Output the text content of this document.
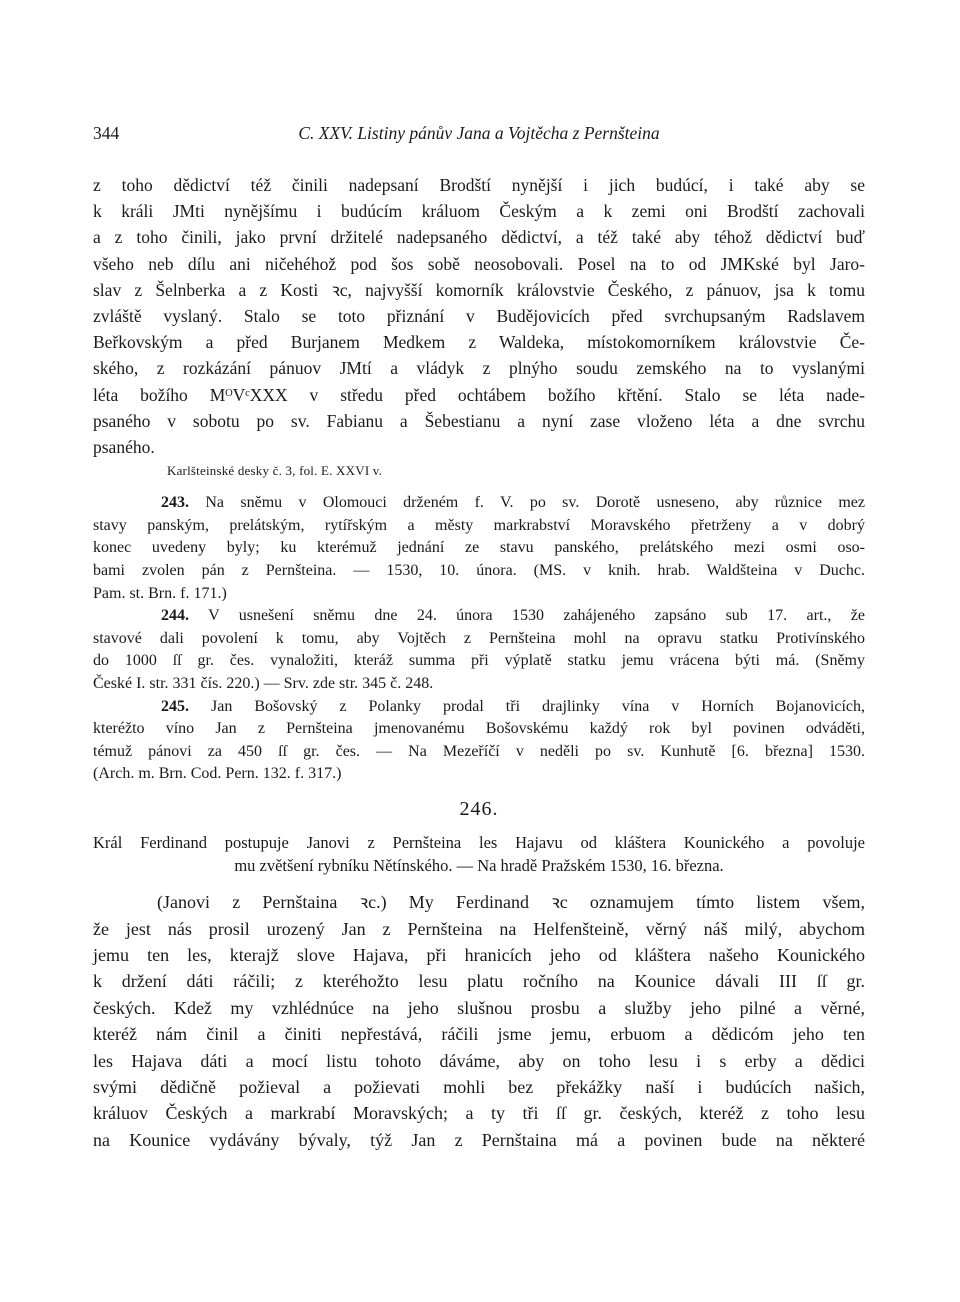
344	C. XXV. Listiny pánův Jana a Vojtěcha z Pernšteina

z toho dědictví též činili nadepsaní Brodští nynější i jich budúcí, i také aby se
k králi JMti nynějšímu i budúcím králuom Českým a k zemi oni Brodští zachovali
a z toho činili, jako první držitelé nadepsaného dědictví, a též také aby téhož dědictví buď
všeho neb dílu ani ničehéhož pod šos sobě neosobovali. Posel na to od JMKské byl Jaro-
slav z Šelnberka a z Kosti ꝛc, najvyšší komorník královstvie Českého, z pánuov, jsa k tomu
zvláště vyslaný. Stalo se toto přiznání v Budějovicích před svrchupsaným Radslavem
Beřkovským a před Burjanem Medkem z Waldeka, místokomorníkem královstvie Če-
ského, z rozkázání pánuov JMtí a vládyk z plnýho soudu zemského na to vyslanými
léta božího MᴼVᶜXXX v středu před ochtábem božího křtění. Stalo se léta nade-
psaného v sobotu po sv. Fabianu a Šebestianu a nyní zase vloženo léta a dne svrchu
psaného.

Karlšteinské desky č. 3, fol. E. XXVI v.
243. Na sněmu v Olomouci drženém f. V. po sv. Dorotě usneseno, aby různice mez
stavy panským, prelátským, rytířským a městy markrabství Moravského přetrženy a v dobrý
konec uvedeny byly; ku kterémuž jednání ze stavu panského, prelátského mezi osmi oso-
bami zvolen pán z Pernšteina. — 1530, 10. února. (MS. v knih. hrab. Waldšteina v Duchc.
Pam. st. Brn. f. 171.)
244. V usnešení sněmu dne 24. února 1530 zahájeného zapsáno sub 17. art., že
stavové dali povolení k tomu, aby Vojtěch z Pernšteina mohl na opravu statku Protivínského
do 1000 ſſ gr. čes. vynaložiti, kteráž summa při výplatě statku jemu vrácena býti má. (Sněmy
České I. str. 331 čís. 220.) — Srv. zde str. 345 č. 248.
245. Jan Bošovský z Polanky prodal tři drajlinky vína v Horních Bojanovicích,
kteréžto víno Jan z Pernšteina jmenovanému Bošovskému každý rok byl povinen odváděti,
témuž pánovi za 450 ſſ gr. čes. — Na Mezeříčí v neděli po sv. Kunhutě [6. března] 1530.
(Arch. m. Brn. Cod. Pern. 132. f. 317.)
246.
Král Ferdinand postupuje Janovi z Pernšteina les Hajavu od kláštera Kounického a povoluje
mu zvětšení rybníku Nětínského. — Na hradě Pražském 1530, 16. března.
(Janovi z Pernštaina ꝛc.) My Ferdinand ꝛc oznamujem tímto listem všem,
že jest nás prosil urozený Jan z Pernšteina na Helfenšteině, věrný náš milý, abychom
jemu ten les, kterajž slove Hajava, při hranicích jeho od kláštera našeho Kounického
k držení dáti ráčili; z kteréhožto lesu platu ročního na Kounice dávali III ſſ gr.
českých. Kdež my vzhlédnúce na jeho slušnou prosbu a služby jeho pilné a věrné,
kteréž nám činil a činiti nepřestává, ráčili jsme jemu, erbuom a dědicóm jeho ten
les Hajava dáti a mocí listu tohoto dáváme, aby on toho lesu i s erby a dědici
svými dědičně požieval a požievati mohli bez překážky naší i budúcích našich,
králuov Českých a markrabí Moravských; a ty tři ſſ gr. českých, kteréž z toho lesu
na Kounice vydávány bývaly, týž Jan z Pernštaina má a povinen bude na některé
